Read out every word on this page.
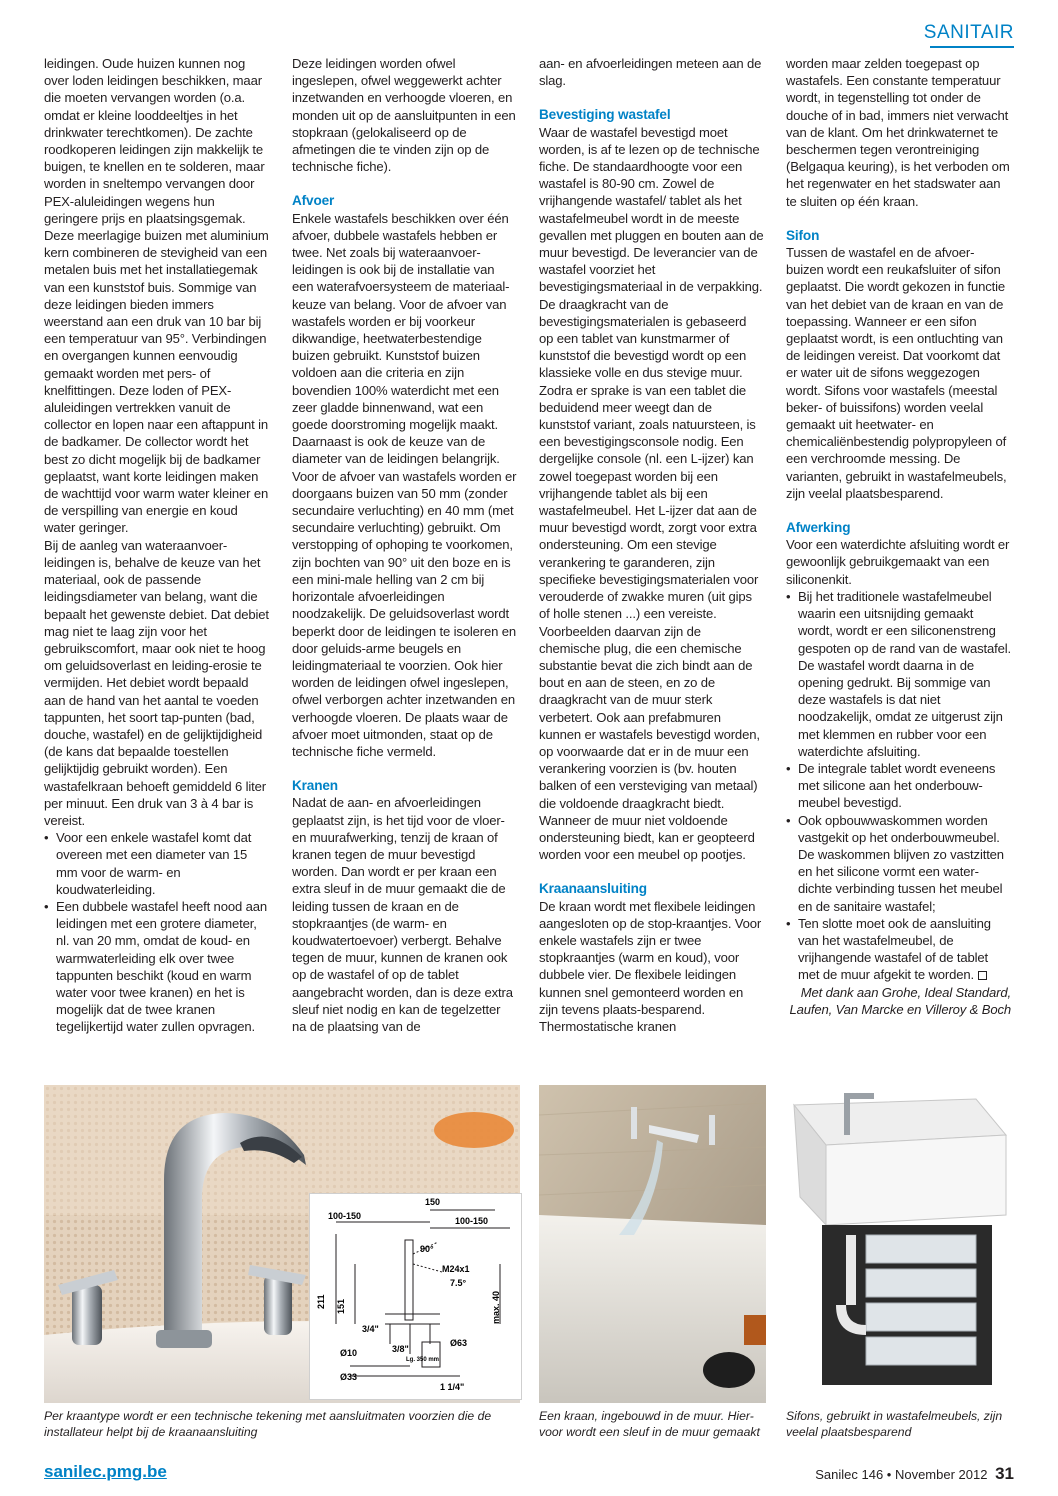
SANITAIR

leidingen. Oude huizen kunnen nog over loden leidingen beschikken, maar die moeten vervangen worden (o.a. omdat er kleine looddeeltjes in het drinkwater terechtkomen). De zachte roodkoperen leidingen zijn makkelijk te buigen, te knellen en te solderen, maar worden in sneltempo vervangen door PEX-aluleidingen wegens hun geringere prijs en plaatsingsgemak. Deze meerlagige buizen met aluminium kern combineren de stevigheid van een metalen buis met het installatiegemak van een kunststof buis. Sommige van deze leidingen bieden immers weerstand aan een druk van 10 bar bij een temperatuur van 95°. Verbindingen en overgangen kunnen eenvoudig gemaakt worden met pers- of knelfittingen. Deze loden of PEX-aluleidingen vertrekken vanuit de collector en lopen naar een aftappunt in de badkamer. De collector wordt het best zo dicht mogelijk bij de badkamer geplaatst, want korte leidingen maken de wachttijd voor warm water kleiner en de verspilling van energie en koud water geringer.

Bij de aanleg van wateraanvoer-leidingen is, behalve de keuze van het materiaal, ook de passende leidingsdiameter van belang, want die bepaalt het gewenste debiet. Dat debiet mag niet te laag zijn voor het gebruikscomfort, maar ook niet te hoog om geluidsoverlast en leiding-erosie te vermijden. Het debiet wordt bepaald aan de hand van het aantal te voeden tappunten, het soort tap-punten (bad, douche, wastafel) en de gelijktijdigheid (de kans dat bepaalde toestellen gelijktijdig gebruikt worden). Een wastafelkraan behoeft gemiddeld 6 liter per minuut. Een druk van 3 à 4 bar is vereist.

• Voor een enkele wastafel komt dat overeen met een diameter van 15 mm voor de warm- en koudwaterleiding.
• Een dubbele wastafel heeft nood aan leidingen met een grotere diameter, nl. van 20 mm, omdat de koud- en warmwaterleiding elk over twee tappunten beschikt (koud en warm water voor twee kranen) en het is mogelijk dat de twee kranen tegelijkertijd water zullen opvragen.

Deze leidingen worden ofwel ingeslepen, ofwel weggewerkt achter inzetwanden en verhoogde vloeren, en monden uit op de aansluitpunten in een stopkraan (gelokaliseerd op de afmetingen die te vinden zijn op de technische fiche).

Afvoer

Enkele wastafels beschikken over één afvoer, dubbele wastafels hebben er twee. Net zoals bij wateraanvoer-leidingen is ook bij de installatie van een waterafvoersysteem de materiaal-keuze van belang. Voor de afvoer van wastafels worden er bij voorkeur dikwandige, heetwaterbestendige buizen gebruikt. Kunststof buizen voldoen aan die criteria en zijn bovendien 100% waterdicht met een zeer gladde binnenwand, wat een goede doorstroming mogelijk maakt. Daarnaast is ook de keuze van de diameter van de leidingen belangrijk. Voor de afvoer van wastafels worden er doorgaans buizen van 50 mm (zonder secundaire verluchting) en 40 mm (met secundaire verluchting) gebruikt. Om verstopping of ophoping te voorkomen, zijn bochten van 90° uit den boze en is een mini-male helling van 2 cm bij horizontale afvoerleidingen noodzakelijk. De geluidsoverlast wordt beperkt door de leidingen te isoleren en door geluids-arme beugels en leidingmateriaal te voorzien. Ook hier worden de leidingen ofwel ingeslepen, ofwel verborgen achter inzetwanden en verhoogde vloeren. De plaats waar de afvoer moet uitmonden, staat op de technische fiche vermeld.

Kranen

Nadat de aan- en afvoerleidingen geplaatst zijn, is het tijd voor de vloer- en muurafwerking, tenzij de kraan of kranen tegen de muur bevestigd worden. Dan wordt er per kraan een extra sleuf in de muur gemaakt die de leiding tussen de kraan en de stopkraantjes (de warm- en koudwatertoevoer) verbergt. Behalve tegen de muur, kunnen de kranen ook op de wastafel of op de tablet aangebracht worden, dan is deze extra sleuf niet nodig en kan de tegelzetter na de plaatsing van de

aan- en afvoerleidingen meteen aan de slag.

Bevestiging wastafel

Waar de wastafel bevestigd moet worden, is af te lezen op de technische fiche. De standaardhoogte voor een wastafel is 80-90 cm. Zowel de vrijhangende wastafel/ tablet als het wastafelmeubel wordt in de meeste gevallen met pluggen en bouten aan de muur bevestigd. De leverancier van de wastafel voorziet het bevestigingsmateriaal in de verpakking. De draagkracht van de bevestigingsmaterialen is gebaseerd op een tablet van kunstmarmer of kunststof die bevestigd wordt op een klassieke volle en dus stevige muur. Zodra er sprake is van een tablet die beduidend meer weegt dan de kunststof variant, zoals natuursteen, is een bevestigingsconsole nodig. Een dergelijke console (nl. een L-ijzer) kan zowel toegepast worden bij een vrijhangende tablet als bij een wastafelmeubel. Het L-ijzer dat aan de muur bevestigd wordt, zorgt voor extra ondersteuning. Om een stevige verankering te garanderen, zijn specifieke bevestigingsmaterialen voor verouderde of zwakke muren (uit gips of holle stenen ...) een vereiste. Voorbeelden daarvan zijn de chemische plug, die een chemische substantie bevat die zich bindt aan de bout en aan de steen, en zo de draagkracht van de muur sterk verbetert. Ook aan prefabmuren kunnen er wastafels bevestigd worden, op voorwaarde dat er in de muur een verankering voorzien is (bv. houten balken of een versteviging van metaal) die voldoende draagkracht biedt. Wanneer de muur niet voldoende ondersteuning biedt, kan er geopteerd worden voor een meubel op pootjes.

Kraanaansluiting

De kraan wordt met flexibele leidingen aangesloten op de stop-kraantjes. Voor enkele wastafels zijn er twee stopkraantjes (warm en koud), voor dubbele vier. De flexibele leidingen kunnen snel gemonteerd worden en zijn tevens plaats-besparend. Thermostatische kranen

worden maar zelden toegepast op wastafels. Een constante temperatuur wordt, in tegenstelling tot onder de douche of in bad, immers niet verwacht van de klant. Om het drinkwaternet te beschermen tegen verontreiniging (Belgaqua keuring), is het verboden om het regenwater en het stadswater aan te sluiten op één kraan.

Sifon

Tussen de wastafel en de afvoer-buizen wordt een reukafsluiter of sifon geplaatst. Die wordt gekozen in functie van het debiet van de kraan en van de toepassing. Wanneer er een sifon geplaatst wordt, is een ontluchting van de leidingen vereist. Dat voorkomt dat er water uit de sifons weggezogen wordt. Sifons voor wastafels (meestal beker- of buissifons) worden veelal gemaakt uit heetwater- en chemicaliënbestendig polypropyleen of een verchroomde messing. De varianten, gebruikt in wastafelmeubels, zijn veelal plaatsbesparend.

Afwerking

Voor een waterdichte afsluiting wordt er gewoonlijk gebruikgemaakt van een siliconenkit.

• Bij het traditionele wastafelmeubel waarin een uitsnijding gemaakt wordt, wordt er een siliconenstreng gespoten op de rand van de wastafel. De wastafel wordt daarna in de opening gedrukt. Bij sommige van deze wastafels is dat niet noodzakelijk, omdat ze uitgerust zijn met klemmen en rubber voor een waterdichte afsluiting.
• De integrale tablet wordt eveneens met silicone aan het onderbouw-meubel bevestigd.
• Ook opbouwwaskommen worden vastgekit op het onderbouwmeubel. De waskommen blijven zo vastzitten en het silicone vormt een water-dichte verbinding tussen het meubel en de sanitaire wastafel;
• Ten slotte moet ook de aansluiting van het wastafelmeubel, de vrijhangende wastafel of de tablet met de muur afgekit te worden.

Met dank aan Grohe, Ideal Standard,

Laufen, Van Marcke en Villeroy & Boch

150
100-150	100-150
90°
M24x1
7.5°
max. 40
211 151
3/4"
3/8"
Lg. 350 mm
Ø10
Ø63
Ø33
1 1/4"
Per kraantype wordt er een technische tekening met aansluitmaten voorzien die de installateur helpt bij de kraanaansluiting
Een kraan, ingebouwd in de muur. Hier-voor wordt een sleuf in de muur gemaakt
Sifons, gebruikt in wastafelmeubels, zijn veelal plaatsbesparend
sanilec.pmg.be	Sanilec 146 • November 2012 31
